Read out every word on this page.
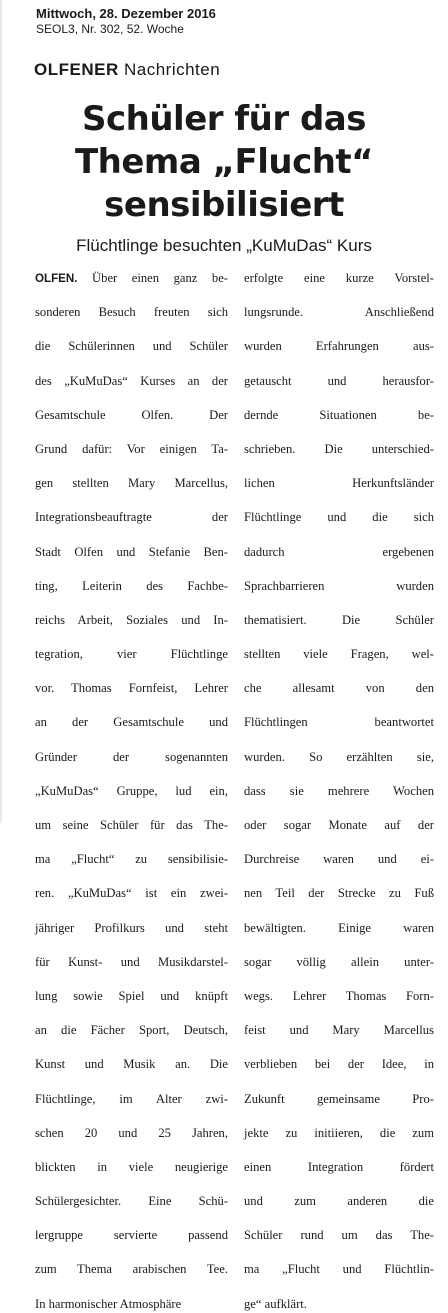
Mittwoch, 28. Dezember 2016
SEOL3, Nr. 302, 52. Woche
OLFENER Nachrichten
Schüler für das
Thema „Flucht“
sensibilisiert
Flüchtlinge besuchten „KuMuDas“ Kurs
OLFEN. Über einen ganz be-
sonderen Besuch freuten sich
die Schülerinnen und Schüler
des „KuMuDas“ Kurses an der
Gesamtschule Olfen. Der
Grund dafür: Vor einigen Ta-
gen stellten Mary Marcellus,
Integrationsbeauftragte der
Stadt Olfen und Stefanie Ben-
ting, Leiterin des Fachbe-
reichs Arbeit, Soziales und In-
tegration, vier Flüchtlinge
vor. Thomas Fornfeist, Lehrer
an der Gesamtschule und
Gründer der sogenannten
„KuMuDas“ Gruppe, lud ein,
um seine Schüler für das The-
ma „Flucht“ zu sensibilisie-
ren. „KuMuDas“ ist ein zwei-
jähriger Profilkurs und steht
für Kunst- und Musikdarstel-
lung sowie Spiel und knüpft
an die Fächer Sport, Deutsch,
Kunst und Musik an. Die
Flüchtlinge, im Alter zwi-
schen 20 und 25 Jahren,
blickten in viele neugierige
Schülergesichter. Eine Schü-
lergruppe servierte passend
zum Thema arabischen Tee.
In harmonischer Atmosphäre
erfolgte eine kurze Vorstel-
lungsrunde. Anschließend
wurden Erfahrungen aus-
getauscht und herausfor-
dernde Situationen be-
schrieben. Die unterschied-
lichen Herkunftsländer
Flüchtlinge und die sich
dadurch ergebenen
Sprachbarrieren wurden
thematisiert. Die Schüler
stellten viele Fragen, wel-
che allesamt von den
Flüchtlingen beantwortet
wurden. So erzählten sie,
dass sie mehrere Wochen
oder sogar Monate auf der
Durchreise waren und ei-
nen Teil der Strecke zu Fuß
bewältigten. Einige waren
sogar völlig allein unter-
wegs. Lehrer Thomas Forn-
feist und Mary Marcellus
verblieben bei der Idee, in
Zukunft gemeinsame Pro-
jekte zu initiieren, die zum
einen Integration fördert
und zum anderen die
Schüler rund um das The-
ma „Flucht und Flüchtlin-
ge“ aufklärt.
